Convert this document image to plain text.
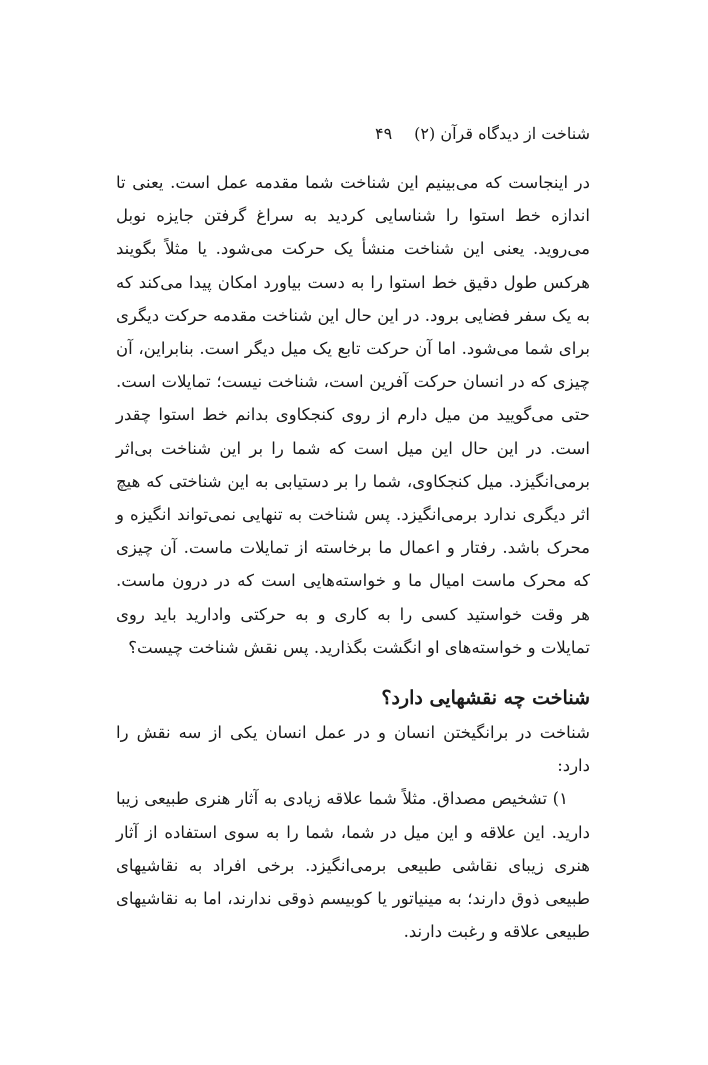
شناخت از دیدگاه قرآن (۲)
۴۹

در اینجاست که می‌بینیم این شناخت شما مقدمه عمل است. یعنی تا اندازه خط استوا را شناسایی کردید به سراغ گرفتن جایزه نوبل می‌روید. یعنی این شناخت منشأ یک حرکت می‌شود. یا مثلاً بگویند هرکس طول دقیق خط استوا را به دست بیاورد امکان پیدا می‌کند که به یک سفر فضایی برود. در این حال این شناخت مقدمه حرکت دیگری برای شما می‌شود. اما آن حرکت تابع یک میل دیگر است. بنابراین، آن چیزی که در انسان حرکت آفرین است، شناخت نیست؛ تمایلات است. حتی می‌گویید من میل دارم از روی کنجکاوی بدانم خط استوا چقدر است. در این حال این میل است که شما را بر این شناخت بی‌اثر برمی‌انگیزد. میل کنجکاوی، شما را بر دستیابی به این شناختی که هیچ اثر دیگری ندارد برمی‌انگیزد. پس شناخت به تنهایی نمی‌تواند انگیزه و محرک باشد. رفتار و اعمال ما برخاسته از تمایلات ماست. آن چیزی که محرک ماست امیال ما و خواسته‌هایی است که در درون ماست. هر وقت خواستید کسی را به کاری و به حرکتی وادارید باید روی تمایلات و خواسته‌های او انگشت بگذارید. پس نقش شناخت چیست؟

شناخت چه نقشهایی دارد؟

شناخت در برانگیختن انسان و در عمل انسان یکی از سه نقش را دارد:

۱) تشخیص مصداق. مثلاً شما علاقه زیادی به آثار هنری طبیعی زیبا دارید. این علاقه و این میل در شما، شما را به سوی استفاده از آثار هنری زیبای نقاشی طبیعی برمی‌انگیزد. برخی افراد به نقاشیهای طبیعی ذوق دارند؛ به مینیاتور یا کوبیسم ذوقی ندارند، اما به نقاشیهای طبیعی علاقه و رغبت دارند.
